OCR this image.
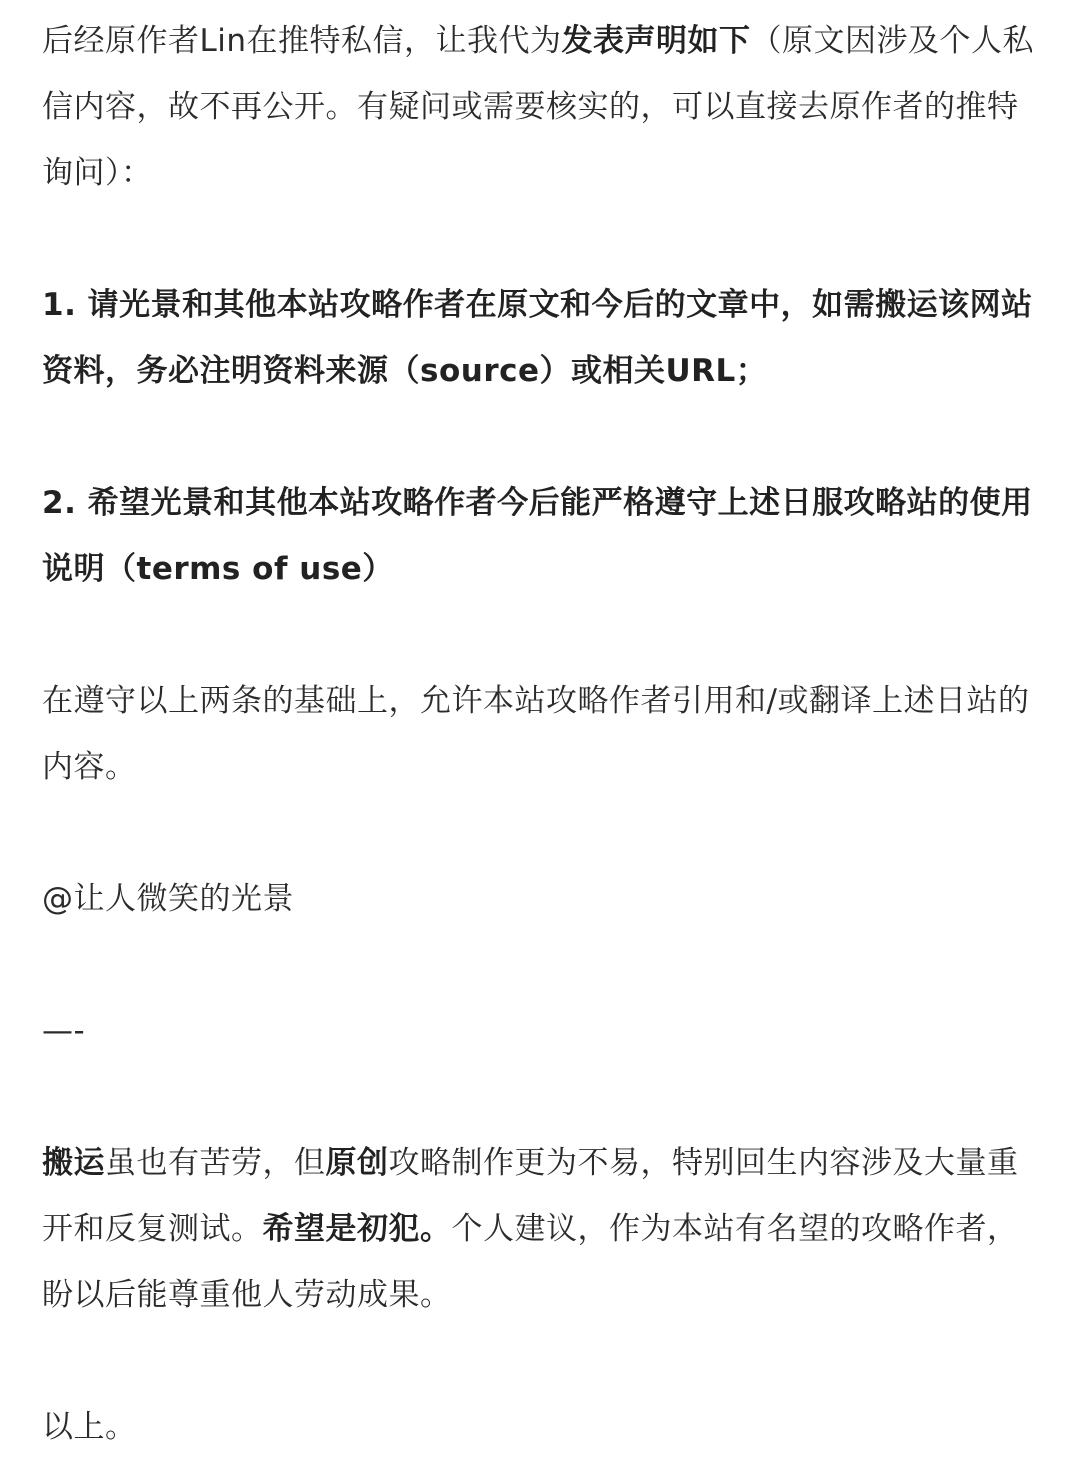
后经原作者Lin在推特私信，让我代为发表声明如下（原文因涉及个人私信内容，故不再公开。有疑问或需要核实的，可以直接去原作者的推特询问）：

1. 请光景和其他本站攻略作者在原文和今后的文章中，如需搬运该网站资料，务必注明资料来源（source）或相关URL；

2. 希望光景和其他本站攻略作者今后能严格遵守上述日服攻略站的使用说明（terms of use）

在遵守以上两条的基础上，允许本站攻略作者引用和/或翻译上述日站的内容。

@让人微笑的光景

—-

搬运虽也有苦劳，但原创攻略制作更为不易，特别回生内容涉及大量重开和反复测试。希望是初犯。个人建议，作为本站有名望的攻略作者，盼以后能尊重他人劳动成果。

以上。
